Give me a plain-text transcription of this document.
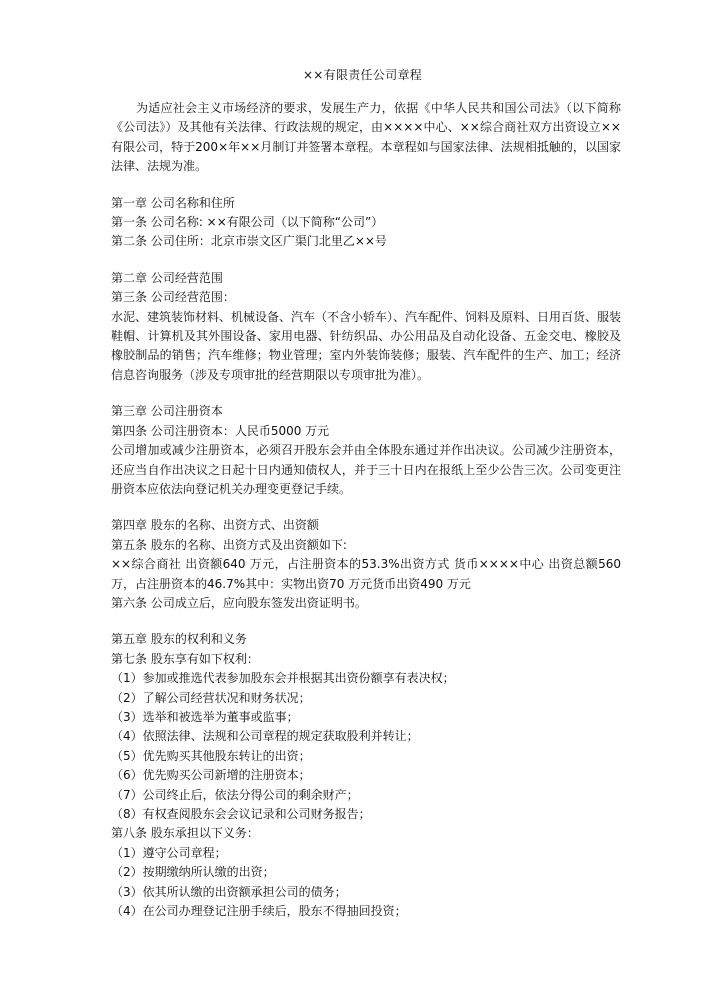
××有限责任公司章程

为适应社会主义市场经济的要求，发展生产力，依据《中华人民共和国公司法》（以下简称《公司法》）及其他有关法律、行政法规的规定，由××××中心、××综合商社双方出资设立××有限公司，特于200×年××月制订并签署本章程。本章程如与国家法律、法规相抵触的，以国家法律、法规为准。

第一章 公司名称和住所

第一条 公司名称: ××有限公司（以下简称“公司”）

第二条 公司住所：北京市崇文区广渠门北里乙××号

第二章 公司经营范围

第三条 公司经营范围：

水泥、建筑装饰材料、机械设备、汽车（不含小轿车）、汽车配件、饲料及原料、日用百货、服装鞋帽、计算机及其外围设备、家用电器、针纺织品、办公用品及自动化设备、五金交电、橡胶及橡胶制品的销售；汽车维修；物业管理；室内外装饰装修；服装、汽车配件的生产、加工；经济信息咨询服务（涉及专项审批的经营期限以专项审批为准）。

第三章 公司注册资本

第四条 公司注册资本：人民币5000 万元

公司增加或减少注册资本，必须召开股东会并由全体股东通过并作出决议。公司减少注册资本，还应当自作出决议之日起十日内通知债权人，并于三十日内在报纸上至少公告三次。公司变更注册资本应依法向登记机关办理变更登记手续。

第四章 股东的名称、出资方式、出资额

第五条 股东的名称、出资方式及出资额如下:

××综合商社 出资额640 万元，占注册资本的53.3%出资方式 货币××××中心 出资总额560万，占注册资本的46.7%其中：实物出资70 万元货币出资490 万元

第六条 公司成立后，应向股东签发出资证明书。

第五章 股东的权利和义务

第七条 股东享有如下权利：

（1）参加或推选代表参加股东会并根据其出资份额享有表决权；

（2）了解公司经营状况和财务状况；

（3）选举和被选举为董事或监事；

（4）依照法律、法规和公司章程的规定获取股利并转让；

（5）优先购买其他股东转让的出资；

（6）优先购买公司新增的注册资本；

（7）公司终止后，依法分得公司的剩余财产；

（8）有权查阅股东会会议记录和公司财务报告；

第八条 股东承担以下义务：

（1）遵守公司章程；

（2）按期缴纳所认缴的出资；

（3）依其所认缴的出资额承担公司的债务；

（4）在公司办理登记注册手续后，股东不得抽回投资；
